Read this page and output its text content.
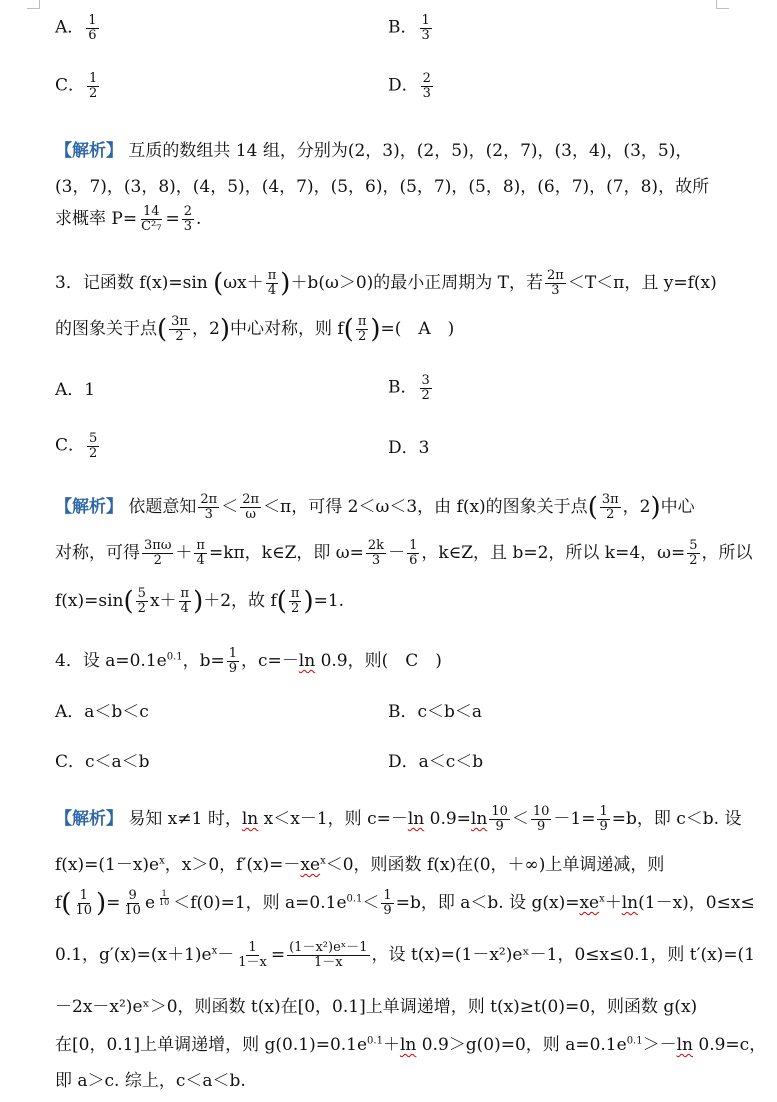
A． $\frac{1}{6}$	B． $\frac{1}{3}$
C． $\frac{1}{2}$	D． $\frac{2}{3}$
【解析】 互质的数组共 14 组，分别为(2，3)，(2，5)，(2，7)，(3，4)，(3，5)，
(3，7)，(3，8)，(4，5)，(4，7)，(5，6)，(5，7)，(5，8)，(6，7)，(7，8)，故所
求概率 $P= \frac{14}{\text{C²₇}} = \frac{2}{3}$ .
3．记函数 f(x)=sin $(\omega x+ \frac{\pi}{4} )+b(\omega>0)$的最小正周期为 T，若 $\frac{2\pi}{3} <T<\pi$，且 y=f(x)
的图象关于点( $\frac{3\pi}{2}$ ，2)中心对称，则 $f( \frac{\pi}{2}$ )=(　A　)
A．1	B． $\frac{3}{2}$
C． $\frac{5}{2}$	D．3
【解析】 依题意知 $\frac{2\pi}{3} < \frac{2\pi}{\omega} <\pi$，可得 2＜ω＜3，由 f(x)的图象关于点( $\frac{3\pi}{2}$ ，2)中心
对称，可得 $\frac{3\pi\omega}{2} + \frac{\pi}{4} =k\pi$，k∈Z，即 $\omega= \frac{2k}{3} - \frac{1}{6}$ ，k∈Z，且 b=2，所以 k=4，$\omega= \frac{5}{2}$ ，所以
$f(x)=\sin( \frac{5}{2} x+ \frac{\pi}{4} )+2$，故 $f( \frac{\pi}{2} )=1$.
4．设 $a=0.1e^{0.1}$，$b= \frac{1}{9}$ ，c=－ln 0.9，则(　C　)
A．a＜b＜c	B．c＜b＜a
C．c＜a＜b	D．a＜c＜b
【解析】 易知 x≠1 时，ln x＜x－1，则 c=－ln $0.9=\ln \frac{10}{9} < \frac{10}{9} -1= \frac{1}{9} =b$，即 c＜b. 设
$f(x)=(1-x)e^x$，x＞0，$f'(x)=-xe^x<0$，则函数 f(x)在(0，＋∞)上单调递减，则
$f( \frac{1}{10}$ )= $\frac{9}{10}$ e $^{\frac{1}{10}}$ ＜f(0)=1，则 $a=0.1e^{0.1}< \frac{1}{9} =b$，即 a＜b. 设 $g(x)=xe^x+\ln(1-x)$，0≤x≤
0.1，$g'(x)=(x+1)e^x- \frac{1}{1-x} = \frac{\text{(1－x²)eˣ－1}}{1-x}$ ，设 t(x)=(1－x²)eˣ－1，0≤x≤0.1，则 t′(x)=(1
－2x－x²)eˣ＞0，则函数 t(x)在[0，0.1]上单调递增，则 t(x)≥t(0)=0，则函数 g(x)
在[0，0.1]上单调递增，则 $g(0.1)=0.1e^{0.1}+\ln$ 0.9＞g(0)=0，则 $a=0.1e^{0.1}>-\ln$ 0.9=c，
即 a＞c. 综上，c＜a＜b.
